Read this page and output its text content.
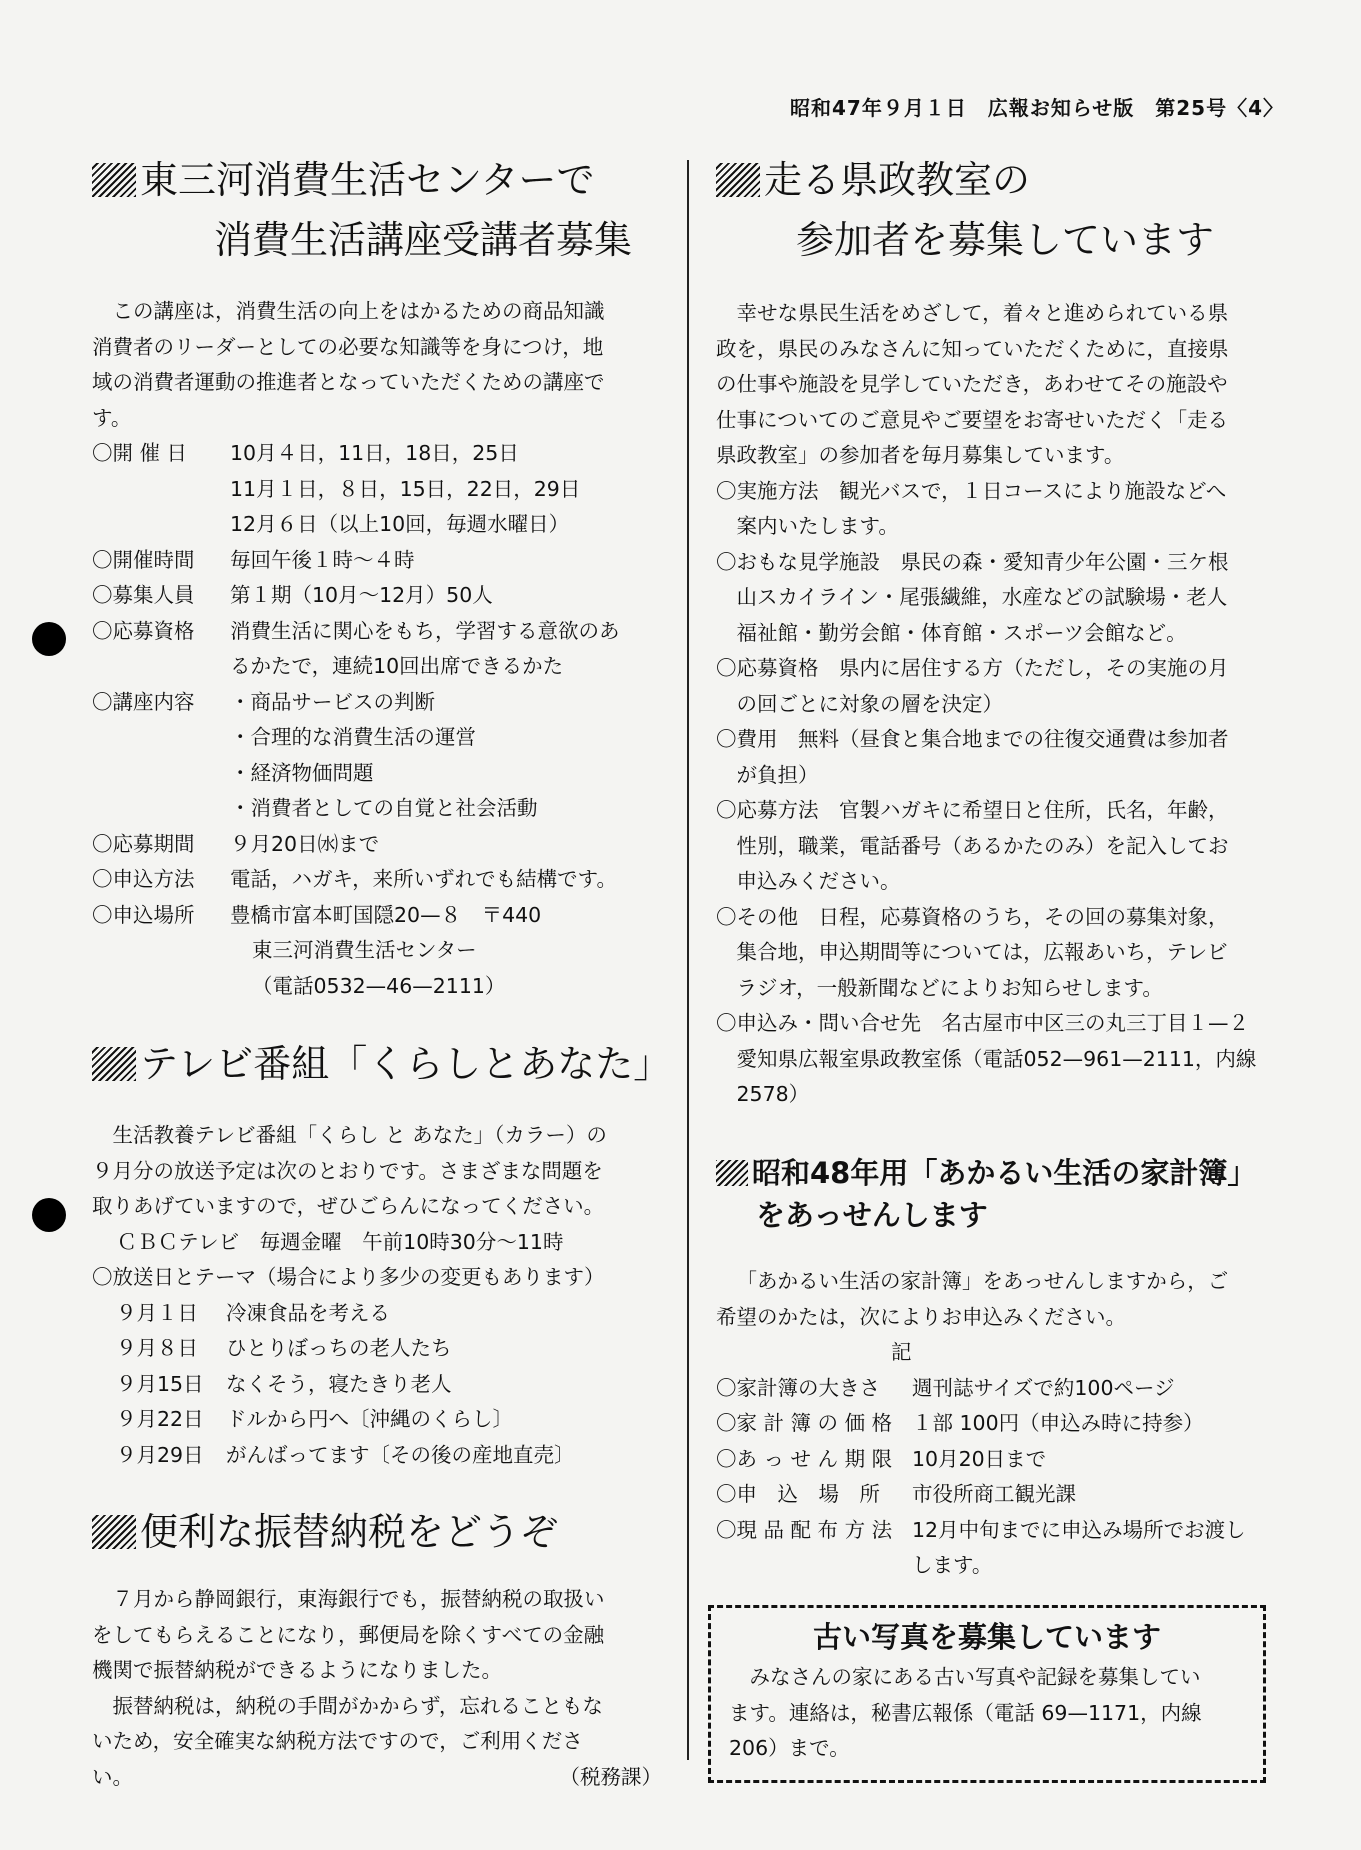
昭和47年９月１日　広報お知らせ版　第25号〈4〉
東三河消費生活センターで
消費生活講座受講者募集

この講座は，消費生活の向上をはかるための商品知識

消費者のリーダーとしての必要な知識等を身につけ，地

域の消費者運動の推進者となっていただくための講座で

す。

〇開 催 日	10月４日，11日，18日，25日
11月１日，８日，15日，22日，29日
12月６日（以上10回，毎週水曜日）
〇開催時間	毎回午後１時〜４時
〇募集人員	第１期（10月〜12月）50人
〇応募資格	消費生活に関心をもち，学習する意欲のあ
るかたで，連続10回出席できるかた
〇講座内容	・商品サービスの判断
・合理的な消費生活の運営
・経済物価問題
・消費者としての自覚と社会活動
〇応募期間	９月20日㈬まで
〇申込方法	電話，ハガキ，来所いずれでも結構です。
〇申込場所	豊橋市富本町国隠20—８　〒440
東三河消費生活センター
（電話0532—46—2111）
テレビ番組「くらしとあなた」

生活教養テレビ番組「くらし と あなた」（カラー）の

９月分の放送予定は次のとおりです。さまざまな問題を

取りあげていますので，ぜひごらんになってください。

ＣＢＣテレビ　毎週金曜　午前10時30分〜11時

〇放送日とテーマ（場合により多少の変更もあります）

９月１日 冷凍食品を考える
９月８日 ひとりぼっちの老人たち
９月15日 なくそう，寝たきり老人
９月22日 ドルから円へ〔沖縄のくらし〕
９月29日 がんばってます〔その後の産地直売〕
便利な振替納税をどうぞ

７月から静岡銀行，東海銀行でも，振替納税の取扱い

をしてもらえることになり，郵便局を除くすべての金融

機関で振替納税ができるようになりました。

振替納税は，納税の手間がかからず，忘れることもな

いため，安全確実な納税方法ですので，ご利用くださ

い。	（税務課）

走る県政教室の
参加者を募集しています

幸せな県民生活をめざして，着々と進められている県

政を，県民のみなさんに知っていただくために，直接県

の仕事や施設を見学していただき，あわせてその施設や

仕事についてのご意見やご要望をお寄せいただく「走る

県政教室」の参加者を毎月募集しています。

〇実施方法　 観光バスで，１日コースにより施設などへ
案内いたします。
〇おもな見学施設　 県民の森・愛知青少年公園・三ケ根
山スカイライン・尾張繊維，水産などの試験場・老人
福祉館・勤労会館・体育館・スポーツ会館など。
〇応募資格　 県内に居住する方（ただし，その実施の月
の回ごとに対象の層を決定）
〇費用　 無料（昼食と集合地までの往復交通費は参加者
が負担）
〇応募方法　 官製ハガキに希望日と住所，氏名，年齢，
性別，職業，電話番号（あるかたのみ）を記入してお
申込みください。
〇その他　 日程，応募資格のうち，その回の募集対象，
集合地，申込期間等については，広報あいち，テレビ
ラジオ，一般新聞などによりお知らせします。
〇申込み・問い合せ先　 名古屋市中区三の丸三丁目１—２
愛知県広報室県政教室係（電話052—961—2111，内線
2578）
昭和48年用「あかるい生活の家計簿」
をあっせんします

「あかるい生活の家計簿」をあっせんしますから，ご

希望のかたは，次によりお申込みください。

記

〇家計簿の大きさ	週刊誌サイズで約100ページ
〇家 計 簿 の 価 格 １部 100円（申込み時に持参）
〇あ っ せ ん 期 限 10月20日まで
〇申　込　場　所	市役所商工観光課
〇現 品 配 布 方 法 12月中旬までに申込み場所でお渡し
します。
古い写真を募集しています

みなさんの家にある古い写真や記録を募集してい

ます。連絡は，秘書広報係（電話 69—1171，内線

206）まで。
